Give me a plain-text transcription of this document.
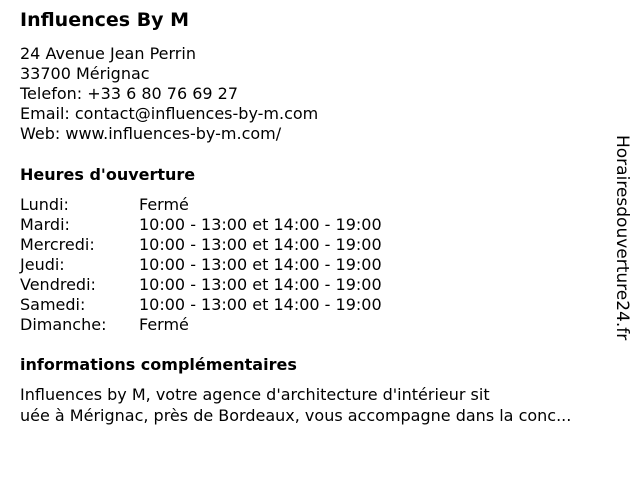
Influences By M
24 Avenue Jean Perrin
33700 Mérignac
Telefon: +33 6 80 76 69 27
Email: contact@influences-by-m.com
Web: www.influences-by-m.com/
Heures d'ouverture
Lundi:	Fermé
Mardi:	10:00 - 13:00 et 14:00 - 19:00
Mercredi:	10:00 - 13:00 et 14:00 - 19:00
Jeudi:	10:00 - 13:00 et 14:00 - 19:00
Vendredi:	10:00 - 13:00 et 14:00 - 19:00
Samedi:	10:00 - 13:00 et 14:00 - 19:00
Dimanche:	Fermé
informations complémentaires
Influences by M, votre agence d'architecture d'intérieur sit
uée à Mérignac, près de Bordeaux, vous accompagne dans la conc...
Horairesdouverture24.fr
